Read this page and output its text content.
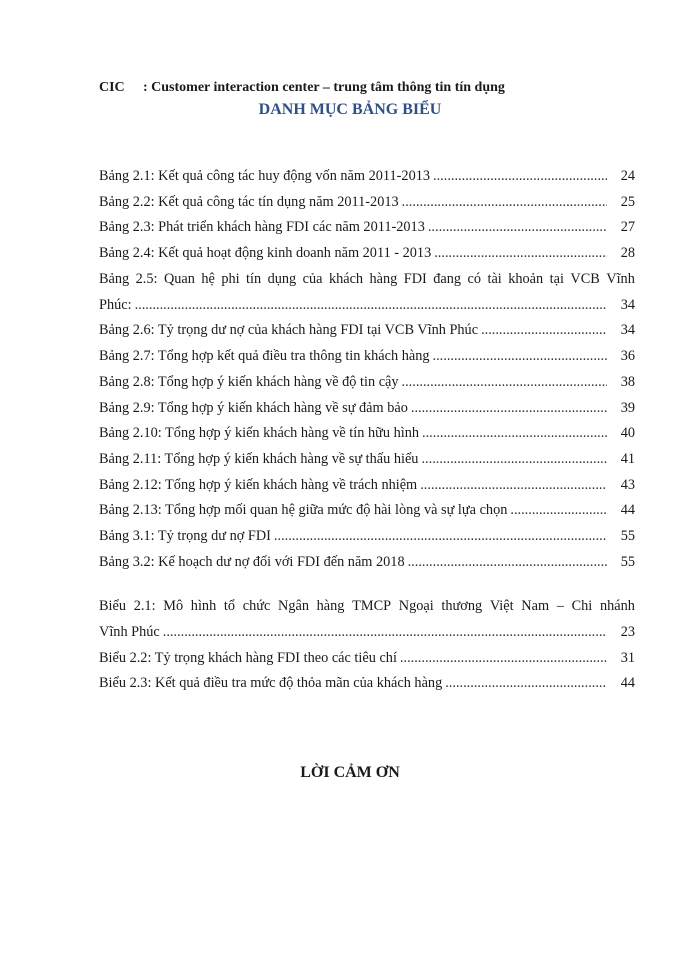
CIC : Customer interaction center – trung tâm thông tin tín dụng
DANH MỤC BẢNG BIỂU
Bảng 2.1: Kết quả công tác huy động vốn năm 2011-2013 .....	24
Bảng 2.2: Kết quả công tác tín dụng năm 2011-2013 .....	25
Bảng 2.3: Phát triển khách hàng FDI các năm 2011-2013 .....	27
Bảng 2.4: Kết quả hoạt động kinh doanh năm 2011 - 2013 .....	28
Bảng 2.5: Quan hệ phi tín dụng của khách hàng FDI đang có tài khoản tại VCB Vĩnh
Phúc: .....	34
Bảng 2.6: Tỷ trọng dư nợ của khách hàng FDI tại VCB Vĩnh Phúc .....	34
Bảng 2.7: Tổng hợp kết quả điều tra thông tin khách hàng .....	36
Bảng 2.8: Tổng hợp ý kiến khách hàng về độ tin cậy .....	38
Bảng 2.9: Tổng hợp ý kiến khách hàng về sự đảm bảo .....	39
Bảng 2.10: Tổng hợp ý kiến khách hàng về tín hữu hình .....	40
Bảng 2.11: Tổng hợp ý kiến khách hàng về sự thấu hiểu .....	41
Bảng 2.12: Tổng hợp ý kiến khách hàng về trách nhiệm .....	43
Bảng 2.13: Tổng hợp mối quan hệ giữa mức độ hài lòng và sự lựa chọn .....	44
Bảng 3.1: Tỷ trọng dư nợ FDI .....	55
Bảng 3.2: Kế hoạch dư nợ đối với FDI đến năm 2018 .....	55
Biểu 2.1: Mô hình tổ chức Ngân hàng TMCP Ngoại thương Việt Nam – Chi nhánh
Vĩnh Phúc .....	23
Biểu 2.2: Tỷ trọng khách hàng FDI theo các tiêu chí .....	31
Biểu 2.3: Kết quả điều tra mức độ thỏa mãn của khách hàng .....	44
LỜI CẢM ƠN
